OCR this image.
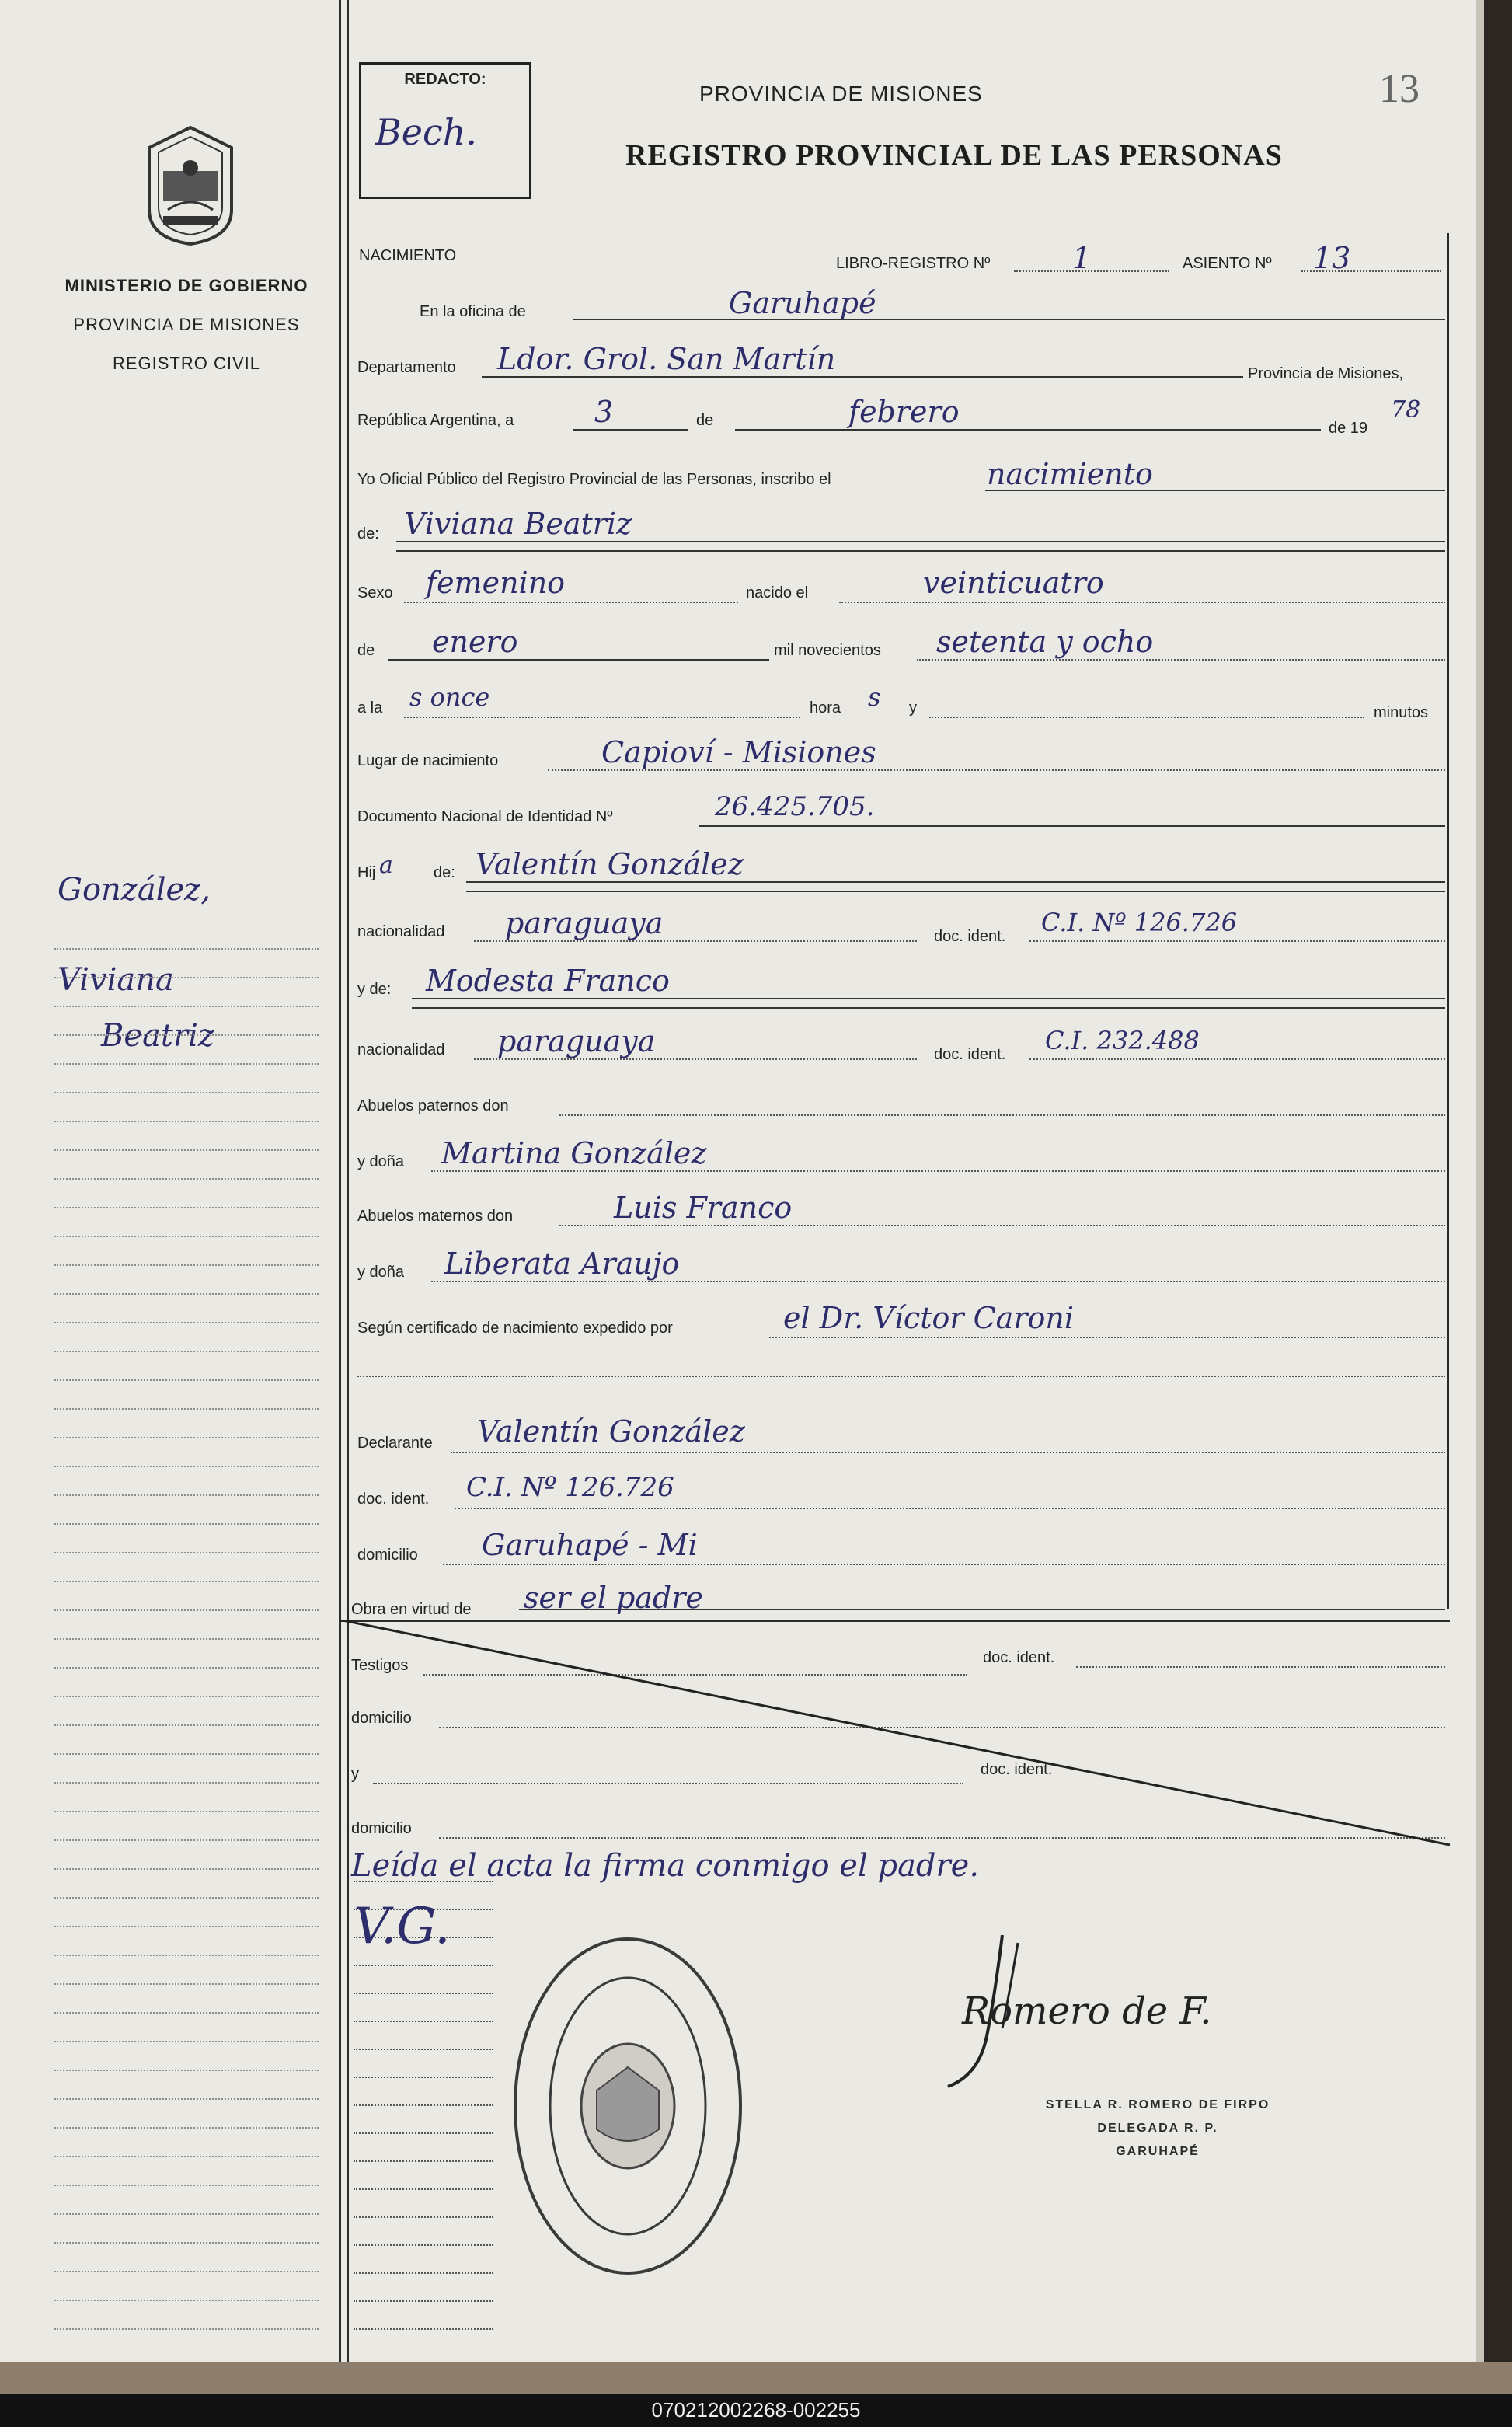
MINISTERIO DE GOBIERNO
PROVINCIA DE MISIONES
REGISTRO CIVIL
González,
Viviana
Beatriz
REDACTO:
Bech.
PROVINCIA DE MISIONES
REGISTRO PROVINCIAL DE LAS PERSONAS
13
NACIMIENTO	LIBRO-REGISTRO Nº	1	ASIENTO Nº 13
En la oficina de	Garuhapé
Departamento Ldor. Grol. San Martín	Provincia de Misiones,
República Argentina, a	3	de	febrero	de 19
78
Yo Oficial Público del Registro Provincial de las Personas, inscribo el	nacimiento
de: Viviana Beatriz
Sexo femenino	nacido el	veinticuatro
de enero	mil novecientos setenta y ocho
a la s once	hora s y	minutos
Lugar de nacimiento	Capioví - Misiones
Documento Nacional de Identidad Nº	26.425.705.
Hij a	de: Valentín González
nacionalidad paraguaya	doc. ident. C.I. Nº 126.726
y de: Modesta Franco
nacionalidad paraguaya	doc. ident. C.I. 232.488
Abuelos paternos don
y doña Martina González
Abuelos maternos don	Luis Franco
y doña Liberata Araujo
Según certificado de nacimiento expedido por	el Dr. Víctor Caroni
Declarante Valentín González
doc. ident. C.I. Nº 126.726
domicilio Garuhapé - Mi
Obra en virtud de ser el padre
Testigos	doc. ident.
domicilio
y	doc. ident.
domicilio
Leída el acta la firma conmigo el padre.
V.G.
Romero de F.
STELLA R. ROMERO DE FIRPO
DELEGADA R. P.
GARUHAPÉ
070212002268-002255
